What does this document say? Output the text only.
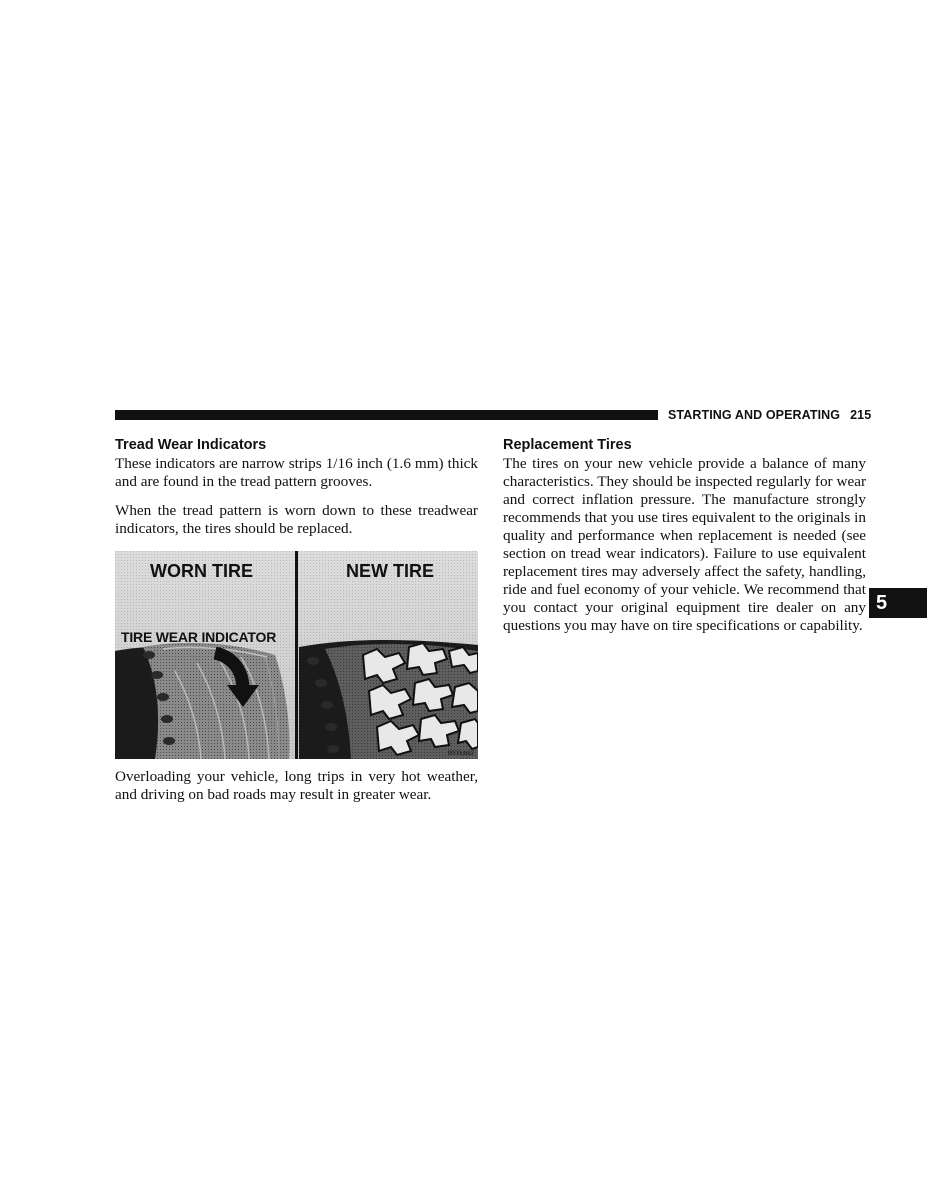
STARTING AND OPERATING 215
Tread Wear Indicators

These indicators are narrow strips 1/16 inch (1.6 mm) thick and are found in the tread pattern grooves.

When the tread pattern is worn down to these treadwear indicators, the tires should be replaced.

WORN TIRE	NEW TIRE
TIRE WEAR INDICATOR
9000cbb2

Overloading your vehicle, long trips in very hot weather, and driving on bad roads may result in greater wear.

Replacement Tires

The tires on your new vehicle provide a balance of many characteristics. They should be inspected regularly for wear and correct inflation pressure. The manufacture strongly recommends that you use tires equivalent to the originals in quality and performance when replacement is needed (see section on tread wear indicators). Failure to use equivalent replacement tires may adversely affect the safety, handling, ride and fuel economy of your vehicle. We recommend that you contact your original equipment tire dealer on any questions you may have on tire specifications or capability.

5
